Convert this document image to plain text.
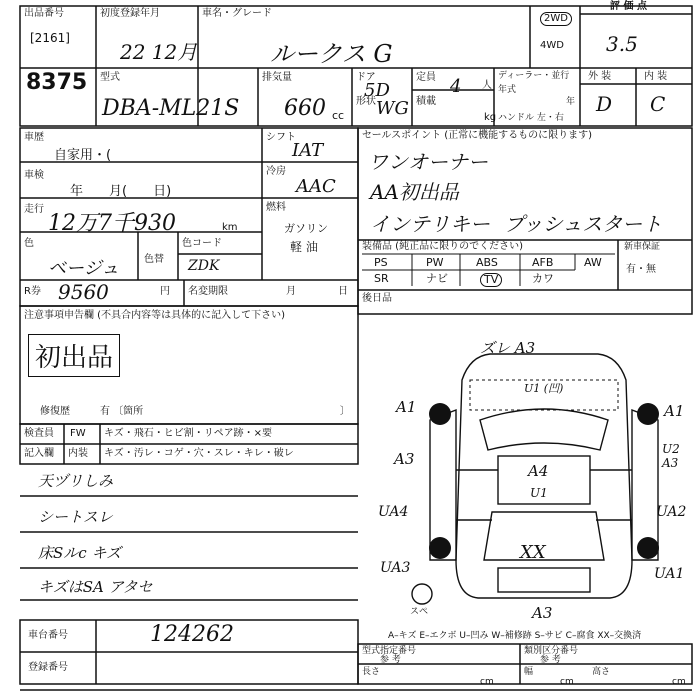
出品番号
[2161]
8375
初度登録年月
22 12月
車名・グレード
ルークス G
2WD
4WD
評 価 点
3.5
型式
DBA-ML21S
排気量
660 cc
ドア
5D
定員 4 人
形状 WG 積載
kg
ディーラー・並行
年式
年
ハンドル 左・右
外 装	内 装
D C
車歴
自家用・(
車検
年　　月(　　日)
走行
12万7千930	km
色
ベージュ 色替
色コード
ZDK
R券 9560	円 名変期限	月	日
シフト
IAT
冷房
AAC
燃料
ガソリン
軽 油
注意事項申告欄 (不具合内容等は具体的に記入して下さい)
初出品
修復歴	有 〔箇所	〕
セールスポイント (正常に機能するものに限ります)
ワンオーナー
AA初出品
インテリキー プッシュスタート
装備品 (純正品に限りのでください)	新車保証
有・無
PS	PW	ABS	AFB	AW
SR	ナビ	TV	カワ
後日品
検査員
記入欄
FW キズ・飛石・ヒビ割・リペア跡・×要
内装 キズ・汚レ・コゲ・穴・スレ・キレ・破レ
天ヅリしみ
シートスレ
床Sルc キズ
キズはSA アタセ
ズレ A3
U1 (凹)
A1	A1
A3
U2
A3
A4
U1
UA4	UA2
XX
UA3	UA1
A3
スペ
車台番号	124262
登録番号
A–キズ E–エクボ U–凹み W–補修跡 S–サビ C–腐食 XX–交換済
型式指定番号
参 考
類別区分番号
参 考
長さ
cm
幅
cm
高さ
cm
